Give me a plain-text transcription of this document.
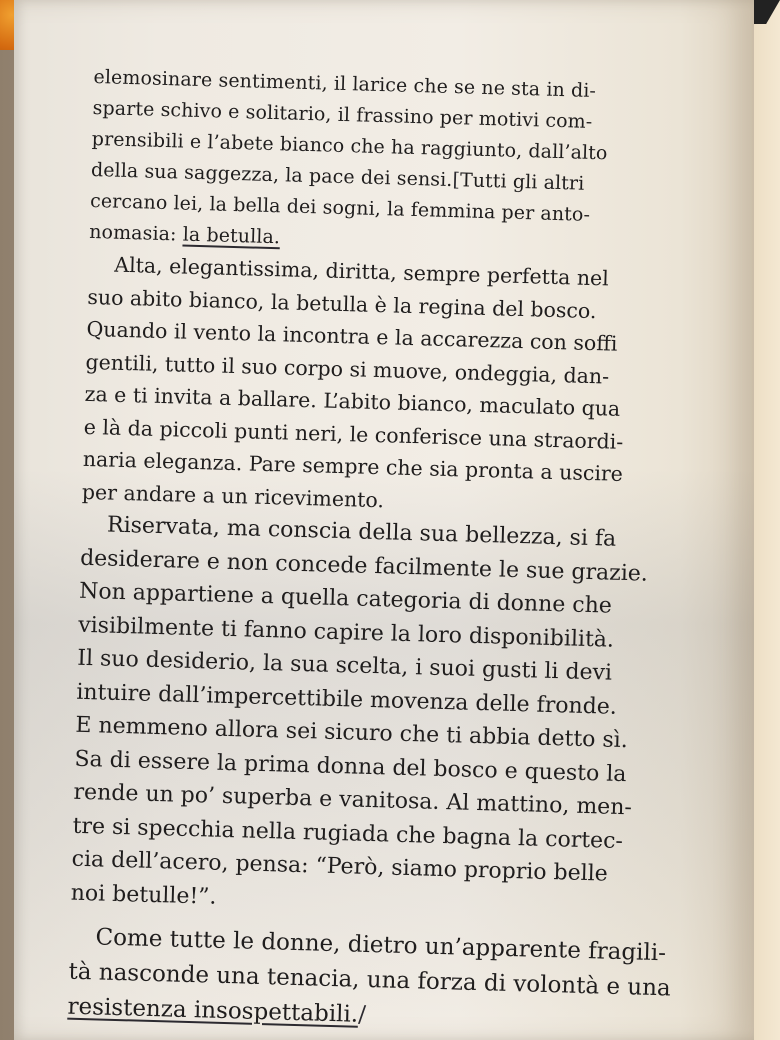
elemosinare sentimenti, il larice che se ne sta in di-
sparte schivo e solitario, il frassino per motivi com-
prensibili e l’abete bianco che ha raggiunto, dall’alto
della sua saggezza, la pace dei sensi.[Tutti gli altri
cercano lei, la bella dei sogni, la femmina per anto-
nomasia: la betulla.
Alta, elegantissima, diritta, sempre perfetta nel
suo abito bianco, la betulla è la regina del bosco.
Quando il vento la incontra e la accarezza con soffi
gentili, tutto il suo corpo si muove, ondeggia, dan-
za e ti invita a ballare. L’abito bianco, maculato qua
e là da piccoli punti neri, le conferisce una straordi-
naria eleganza. Pare sempre che sia pronta a uscire
per andare a un ricevimento.
Riservata, ma conscia della sua bellezza, si fa
desiderare e non concede facilmente le sue grazie.
Non appartiene a quella categoria di donne che
visibilmente ti fanno capire la loro disponibilità.
Il suo desiderio, la sua scelta, i suoi gusti li devi
intuire dall’impercettibile movenza delle fronde.
E nemmeno allora sei sicuro che ti abbia detto sì.
Sa di essere la prima donna del bosco e questo la
rende un po’ superba e vanitosa. Al mattino, men-
tre si specchia nella rugiada che bagna la cortec-
cia dell’acero, pensa: “Però, siamo proprio belle
noi betulle!”.
Come tutte le donne, dietro un’apparente fragili-
tà nasconde una tenacia, una forza di volontà e una
resistenza insospettabili./
